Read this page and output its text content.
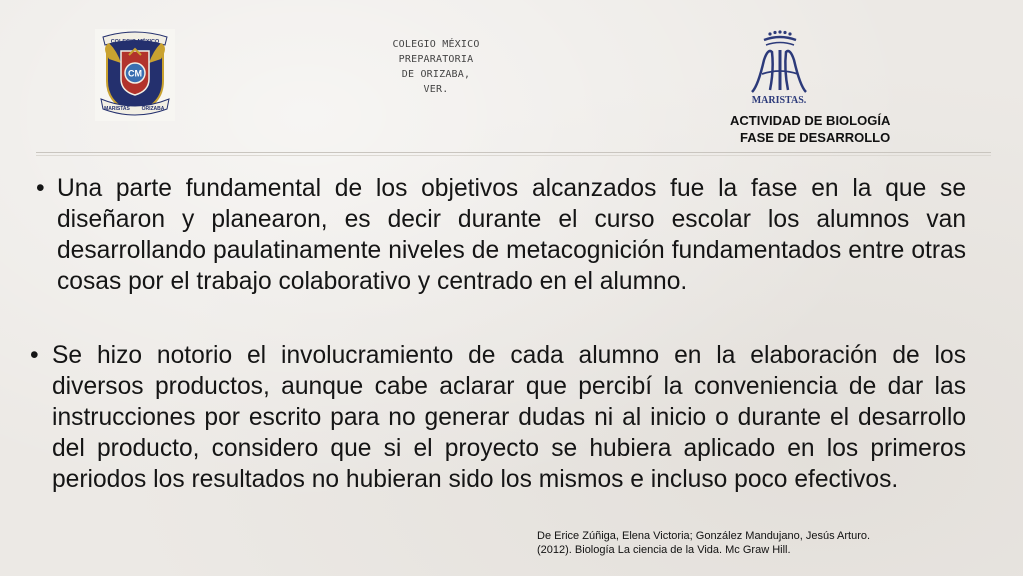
COLEGIO MÉXICO
CM
MARISTAS ORIZABA
COLEGIO MÉXICO
PREPARATORIA
DE ORIZABA,
VER.
MARISTAS.
ACTIVIDAD DE BIOLOGÍA
FASE DE DESARROLLO
• Una parte fundamental de los objetivos alcanzados fue la fase en la que se diseñaron y planearon, es decir durante el curso escolar los alumnos van desarrollando paulatinamente niveles de metacognición fundamentados entre otras cosas por el trabajo colaborativo y centrado en el alumno.
• Se hizo notorio el involucramiento de cada alumno en la elaboración de los diversos productos, aunque cabe aclarar que percibí la conveniencia de dar las instrucciones por escrito para no generar dudas ni al inicio o durante el desarrollo del producto, considero que si el proyecto se hubiera aplicado en los primeros periodos los resultados no hubieran sido los mismos e incluso poco efectivos.
De Erice Zúñiga, Elena Victoria; González Mandujano, Jesús Arturo.
(2012). Biología La ciencia de la Vida. Mc Graw Hill.
